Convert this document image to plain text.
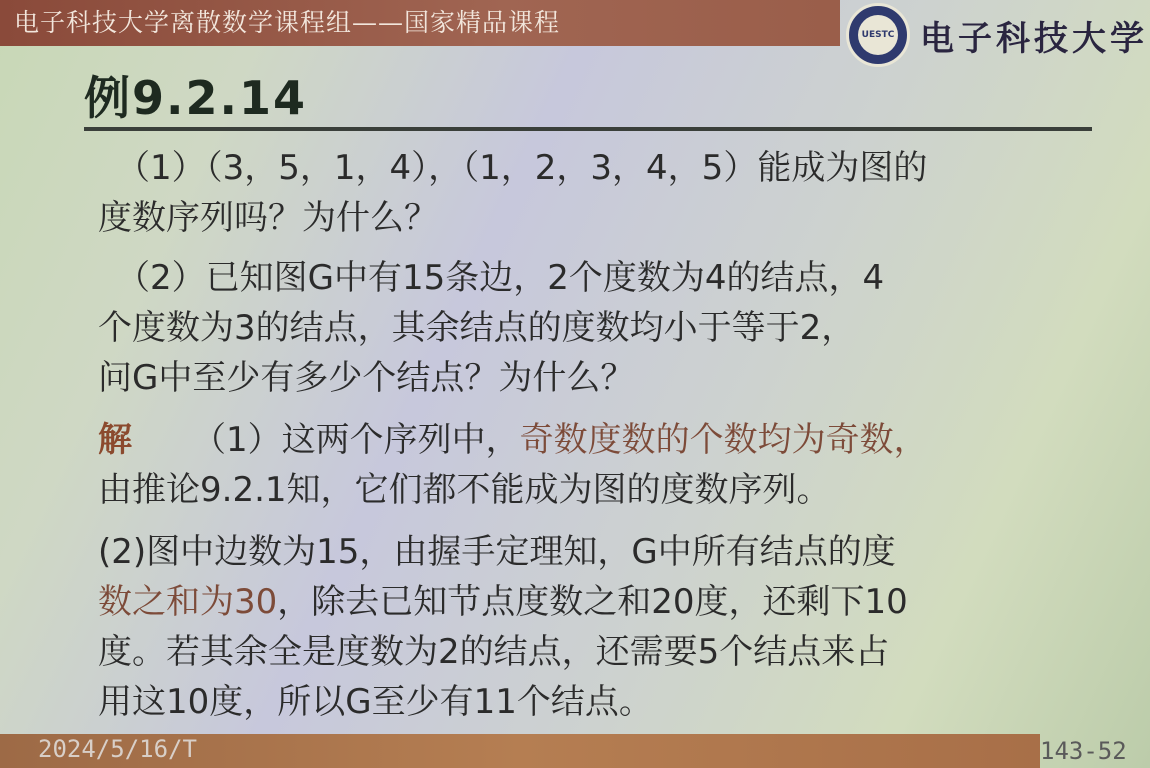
电子科技大学离散数学课程组——国家精品课程	UESTC 电子科技大学
例9.2.14
（1）（3，5，1，4），（1，2，3，4，5）能成为图的
度数序列吗？为什么？
（2）已知图G中有15条边，2个度数为4的结点，4
个度数为3的结点，其余结点的度数均小于等于2，
问G中至少有多少个结点？为什么？
解 （1）这两个序列中，奇数度数的个数均为奇数，
由推论9.2.1知，它们都不能成为图的度数序列。
(2)图中边数为15，由握手定理知，G中所有结点的度
数之和为30，除去已知节点度数之和20度，还剩下10
度。若其余全是度数为2的结点，还需要5个结点来占
用这10度，所以G至少有11个结点。
2024/5/16/T	143-52
